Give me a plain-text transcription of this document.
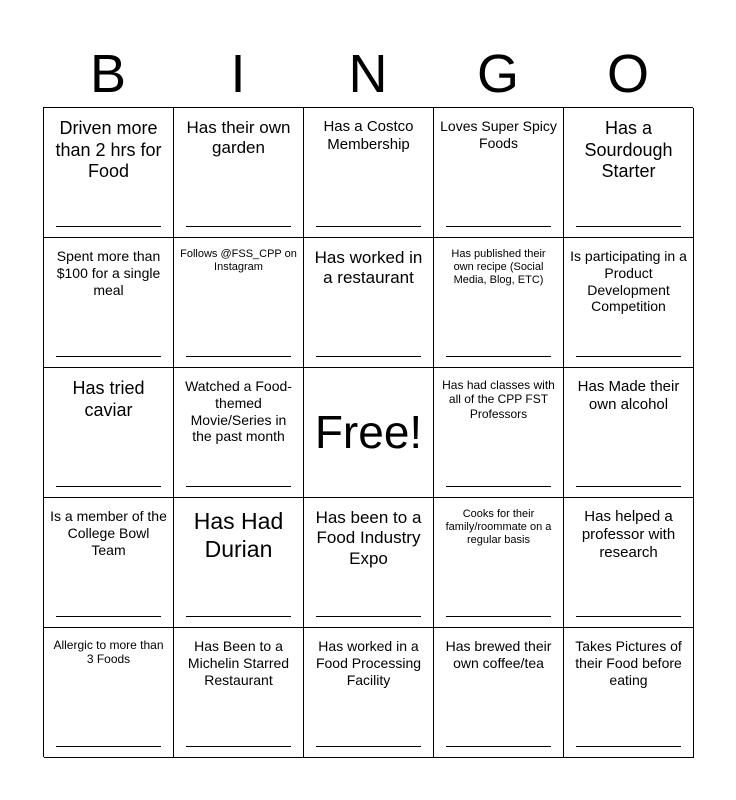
B	I	N	G	O
Driven more than 2 hrs for Food
Has their own garden
Has a Costco Membership
Loves Super Spicy Foods
Has a Sourdough Starter
Spent more than $100 for a single meal
Follows @FSS_CPP on Instagram
Has worked in a restaurant
Has published their own recipe (Social Media, Blog, ETC)
Is participating in a Product Development Competition
Has tried caviar
Watched a Food-themed Movie/Series in the past month Free!
Has had classes with all of the CPP FST Professors
Has Made their own alcohol
Is a member of the College Bowl Team
Has Had Durian
Has been to a Food Industry Expo
Cooks for their family/roommate on a regular basis
Has helped a professor with research
Allergic to more than 3 Foods
Has Been to a Michelin Starred Restaurant
Has worked in a Food Processing Facility
Has brewed their own coffee/tea
Takes Pictures of their Food before eating
